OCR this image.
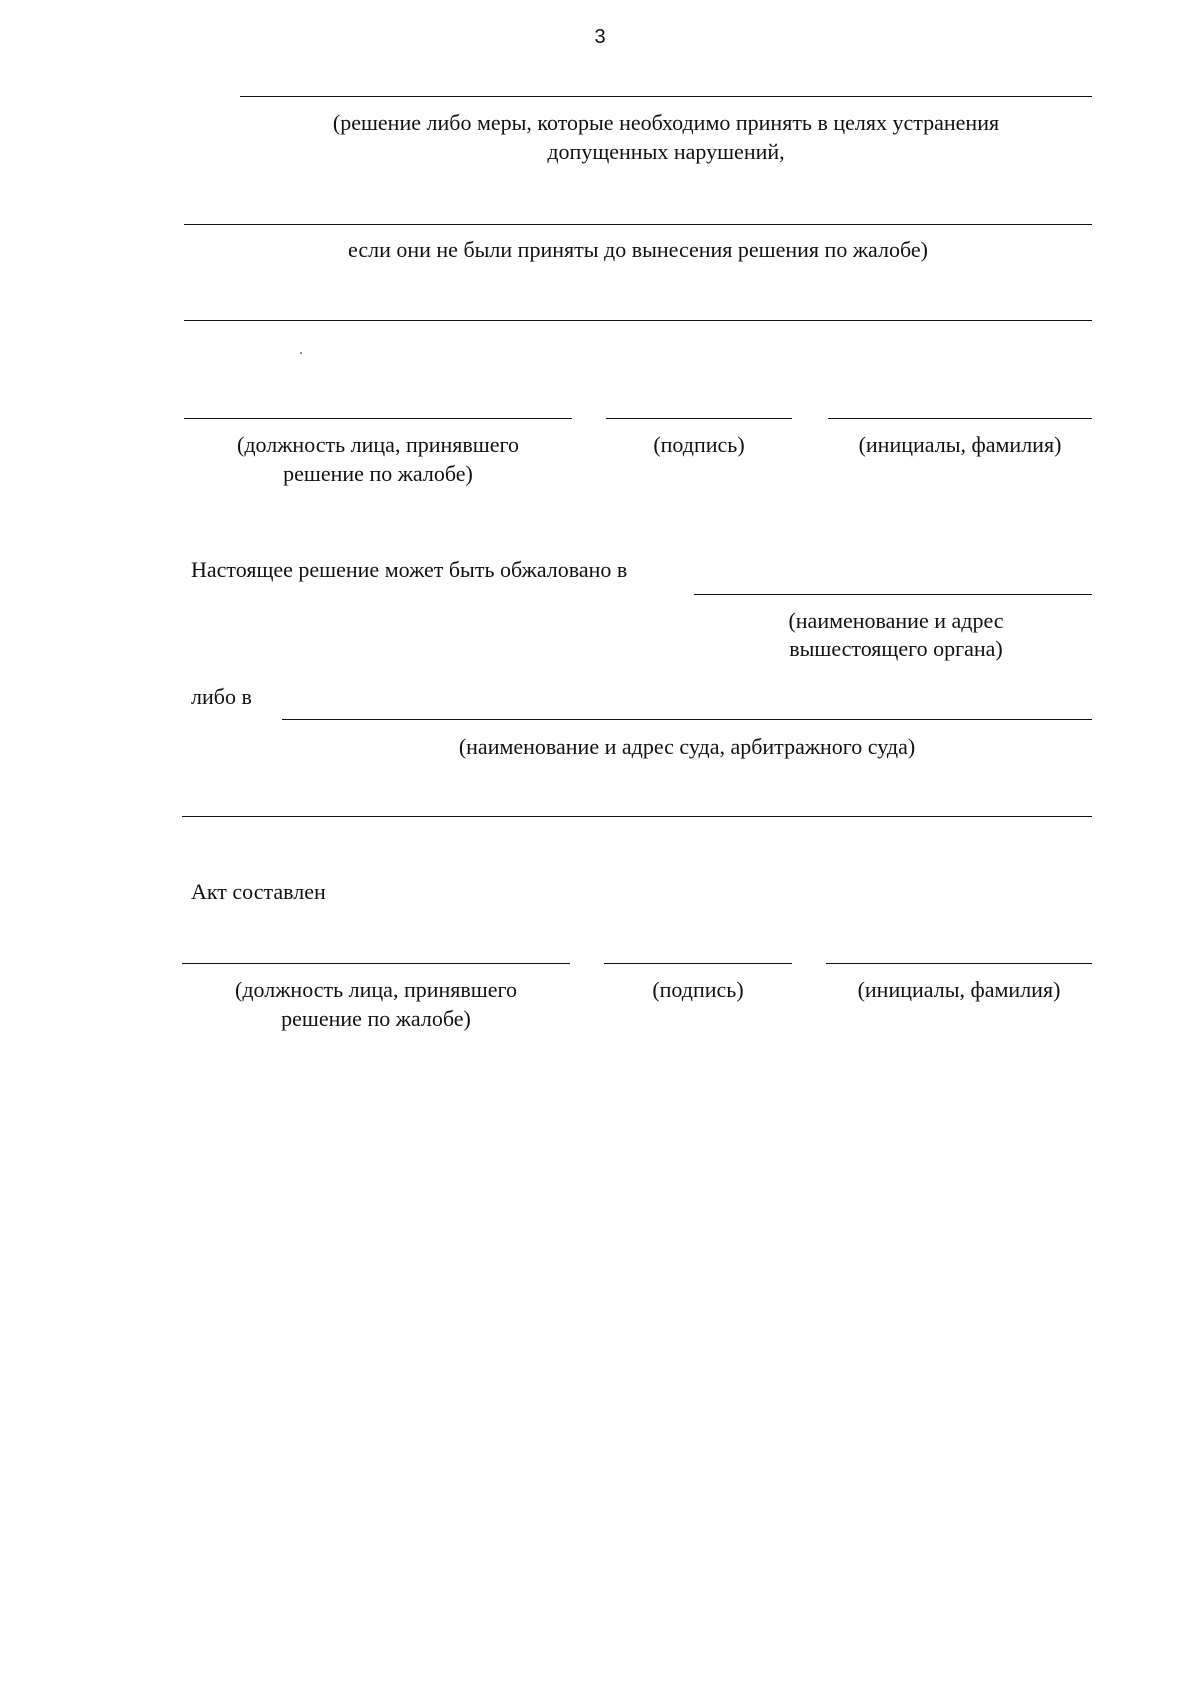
3
(решение либо меры, которые необходимо принять в целях устранения
допущенных нарушений,
если они не были приняты до вынесения решения по жалобе)
(должность лица, принявшего
решение по жалобе)
(подпись)	(инициалы, фамилия)
Настоящее решение может быть обжаловано в
(наименование и адрес
вышестоящего органа)
либо в
(наименование и адрес суда, арбитражного суда)
Акт составлен
(должность лица, принявшего
решение по жалобе)
(подпись)	(инициалы, фамилия)
